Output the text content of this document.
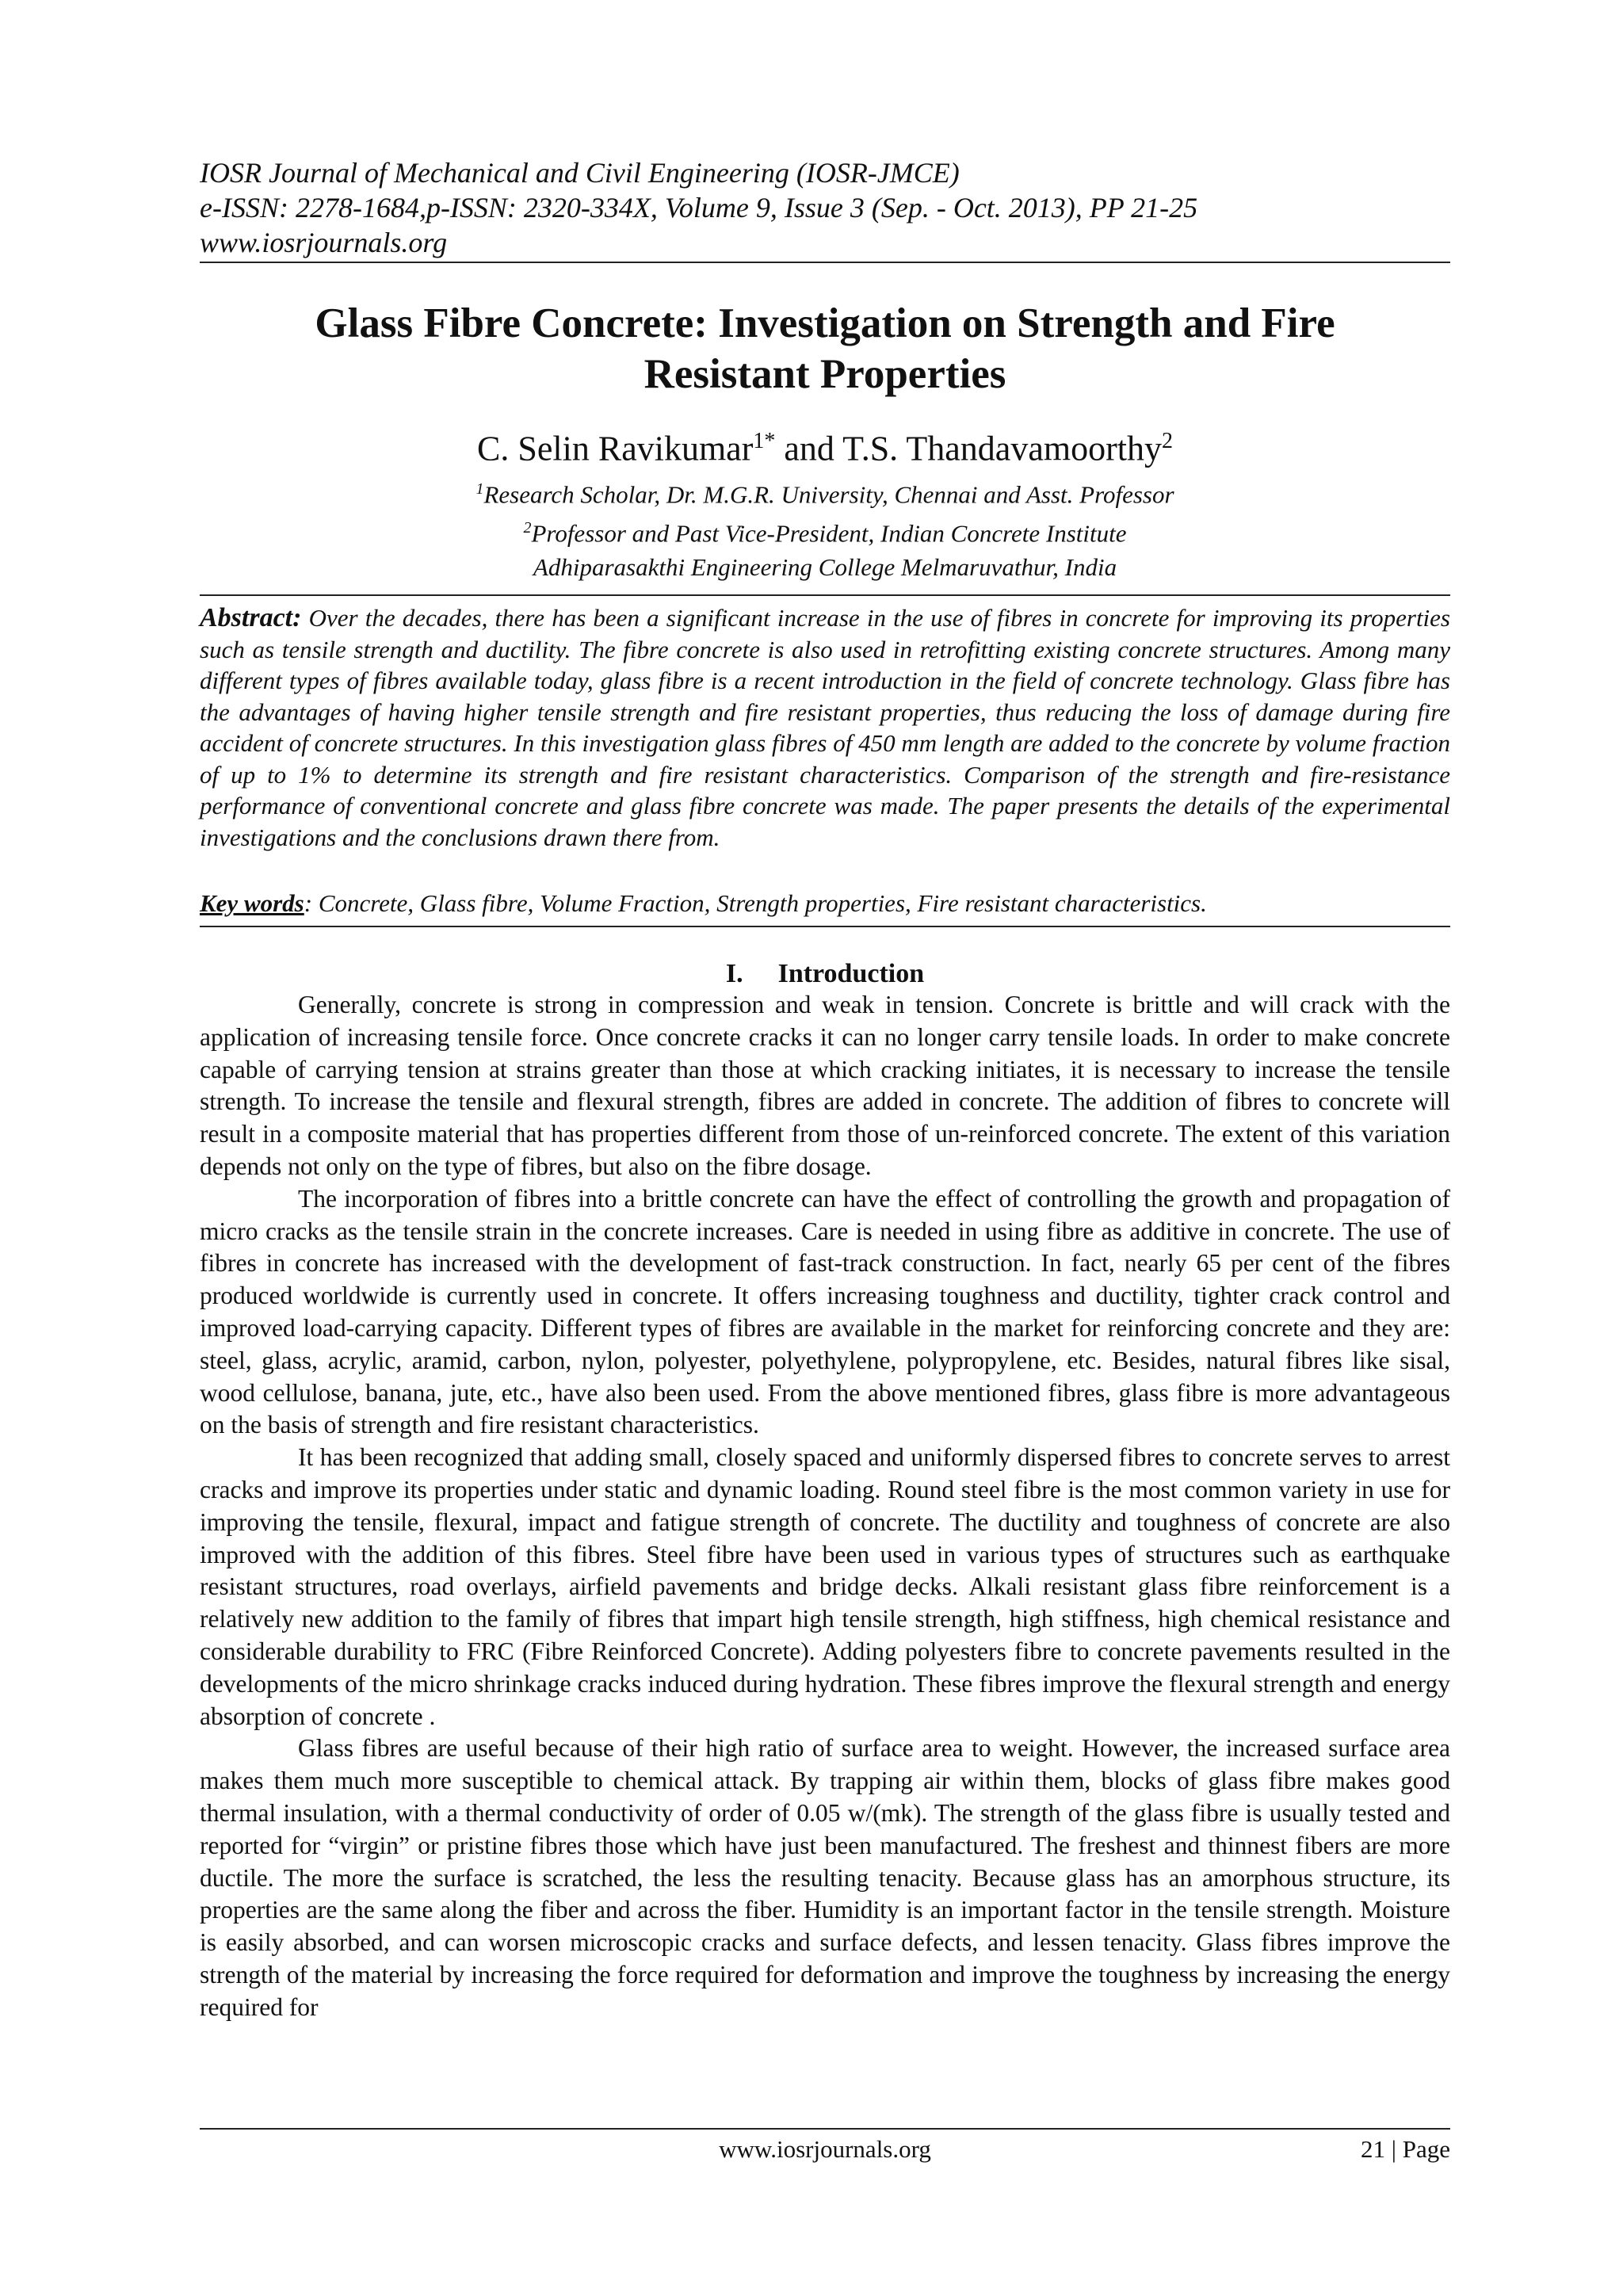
IOSR Journal of Mechanical and Civil Engineering (IOSR-JMCE)
e-ISSN: 2278-1684,p-ISSN: 2320-334X, Volume 9, Issue 3 (Sep. - Oct. 2013), PP 21-25
www.iosrjournals.org
Glass Fibre Concrete: Investigation on Strength and Fire
Resistant Properties
C. Selin Ravikumar$^{1*}$ and T.S. Thandavamoorthy$^2$
$^1$Research Scholar, Dr. M.G.R. University, Chennai and Asst. Professor
$^2$Professor and Past Vice-President, Indian Concrete Institute
Adhiparasakthi Engineering College Melmaruvathur, India
Abstract: Over the decades, there has been a significant increase in the use of fibres in concrete for improving its properties such as tensile strength and ductility. The fibre concrete is also used in retrofitting existing concrete structures. Among many different types of fibres available today, glass fibre is a recent introduction in the field of concrete technology. Glass fibre has the advantages of having higher tensile strength and fire resistant properties, thus reducing the loss of damage during fire accident of concrete structures. In this investigation glass fibres of 450 mm length are added to the concrete by volume fraction of up to 1% to determine its strength and fire resistant characteristics. Comparison of the strength and fire-resistance performance of conventional concrete and glass fibre concrete was made. The paper presents the details of the experimental investigations and the conclusions drawn there from.
Key words: Concrete, Glass fibre, Volume Fraction, Strength properties, Fire resistant characteristics.
I. Introduction

Generally, concrete is strong in compression and weak in tension. Concrete is brittle and will crack with the application of increasing tensile force. Once concrete cracks it can no longer carry tensile loads. In order to make concrete capable of carrying tension at strains greater than those at which cracking initiates, it is necessary to increase the tensile strength. To increase the tensile and flexural strength, fibres are added in concrete. The addition of fibres to concrete will result in a composite material that has properties different from those of un-reinforced concrete. The extent of this variation depends not only on the type of fibres, but also on the fibre dosage.

The incorporation of fibres into a brittle concrete can have the effect of controlling the growth and propagation of micro cracks as the tensile strain in the concrete increases. Care is needed in using fibre as additive in concrete. The use of fibres in concrete has increased with the development of fast-track construction. In fact, nearly 65 per cent of the fibres produced worldwide is currently used in concrete. It offers increasing toughness and ductility, tighter crack control and improved load-carrying capacity. Different types of fibres are available in the market for reinforcing concrete and they are: steel, glass, acrylic, aramid, carbon, nylon, polyester, polyethylene, polypropylene, etc. Besides, natural fibres like sisal, wood cellulose, banana, jute, etc., have also been used. From the above mentioned fibres, glass fibre is more advantageous on the basis of strength and fire resistant characteristics.

It has been recognized that adding small, closely spaced and uniformly dispersed fibres to concrete serves to arrest cracks and improve its properties under static and dynamic loading. Round steel fibre is the most common variety in use for improving the tensile, flexural, impact and fatigue strength of concrete. The ductility and toughness of concrete are also improved with the addition of this fibres. Steel fibre have been used in various types of structures such as earthquake resistant structures, road overlays, airfield pavements and bridge decks. Alkali resistant glass fibre reinforcement is a relatively new addition to the family of fibres that impart high tensile strength, high stiffness, high chemical resistance and considerable durability to FRC (Fibre Reinforced Concrete). Adding polyesters fibre to concrete pavements resulted in the developments of the micro shrinkage cracks induced during hydration. These fibres improve the flexural strength and energy absorption of concrete .

Glass fibres are useful because of their high ratio of surface area to weight. However, the increased surface area makes them much more susceptible to chemical attack. By trapping air within them, blocks of glass fibre makes good thermal insulation, with a thermal conductivity of order of 0.05 w/(mk). The strength of the glass fibre is usually tested and reported for “virgin” or pristine fibres those which have just been manufactured. The freshest and thinnest fibers are more ductile. The more the surface is scratched, the less the resulting tenacity. Because glass has an amorphous structure, its properties are the same along the fiber and across the fiber. Humidity is an important factor in the tensile strength. Moisture is easily absorbed, and can worsen microscopic cracks and surface defects, and lessen tenacity. Glass fibres improve the strength of the material by increasing the force required for deformation and improve the toughness by increasing the energy required for

www.iosrjournals.org	21 | Page
